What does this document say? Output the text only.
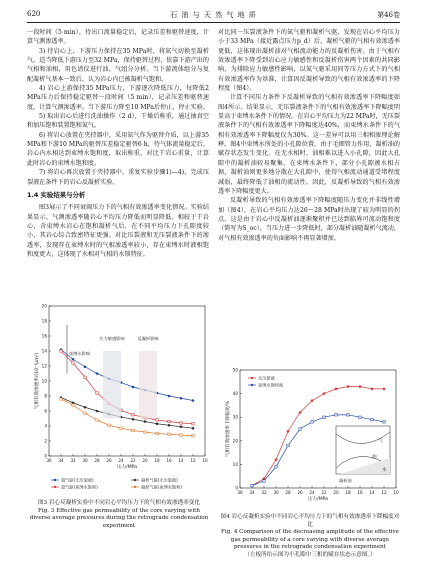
620	石 油 与 天 然 气 地 质	第46卷

一段时间（5 min），待出口流量稳定后，记录压差和驱替速度，计算气测渗透率。

3) 待岩心上、下游压力保持在35 MPa时，将氮气切换至凝析气。适当降低下游压力至32 MPa，保持驱替过程，依靠下游产出的气相和油相，用色谱仪进行油、气组分分析。当下游流体组分与复配凝析气基本一致后，认为岩心内已被凝析气饱和。

4) 岩心上游保持35 MPa压力，下游逐次降低压力，每降低2 MPa压力后保持稳定驱替一段时间（5 min），记录压差和驱替速度，计算气测渗透率。当下游压力降至10 MPa后停止，停止实验。

5) 取出岩心后进行洗油操作（2 d），干燥后称重，通过抽真空和加压饱和装置饱和氮气。

6) 将岩心放置在夹持器中，采用氮气作为驱替介质，以上游35 MPa和下游10 MPa的驱替压差稳定驱替6 h，待气体流量稳定后，岩心内水相达到束缚水饱和度，取出称重，对比干岩心重量，计算此时岩心的束缚水饱和度。

7) 将岩心再次放置于夹持器中，重复实验步骤1)—4)，完成压裂液在条件下的岩心反凝析实验。

1.4 实验结果与分析

图3展示了不同衰竭压力下的气相有效渗透率变化情况。实验结果显示，气测渗透率随岩心平均压力降低而明显降低。相较于干岩心，含束缚水岩心在饱和凝析气后，在不同平均压力下孔隙度较小，其岩心综合致密特征更强。对比压裂液和无压裂液条件下的渗透率，发现存在束缚水时的气相渗透率较小，存在束缚水时液相饱和度更大，这体现了水相对气相的水锁特征。

对比同一压裂液条件下的氮气驱和凝析气驱，发现在岩心平均压力小于33 MPa（接近露点压力p_d）后，凝析气驱的气相有效渗透率更低，这体现出凝析油对气相流动能力的反凝析伤害。由于气相有效渗透率下降受到岩心应力敏感性和反凝析伤害两个因素的共同影响，为排除应力敏感性影响，以氮气驱采用同等压力方式下的气相有效渗透率作为基准，计算因反凝析导致的气相有效渗透率的下降程度（图4）。

计算不同压力条件下反凝析导致的气相有效渗透率下降幅度如图4所示。结果显示，无压裂液条件下的气相有效渗透率下降幅度明显高于束缚水条件下的情况。在岩心平均压力为22 MPa时，无压裂液条件下的气相有效渗透率下降幅度达40%，而束缚水条件下的气相有效渗透率下降幅度仅为30%。这一差异可以用三相相渗理论解释。图4中束缚水所处的小孔隙位置，由于毛细管力作用，凝析油的赋存状态发生变化。在无水相时，油相难以进入小孔隙，因此大孔隙中的凝析油较易聚集，在束缚水条件下，部分小孔隙被水相占据，凝析油则更多地分散在大孔隙中，使得气相流动通道受堵程度减弱，最终降低了油相的流动性。因此，反凝析导致的气相有效渗透率下降幅度更大。

反凝析导致的气相有效渗透率下降幅度随压力变化并非线性增加（图4），在岩心平均压力达26～28 MPa时出现了较为明显的拐点。这是由于岩心中反凝析油逐渐聚积并已达到临界可流动饱和度（简写为S_oc），当压力进一步降低时，部分凝析油随凝析气流动，对气相有效渗透率的负面影响不再显著增加。

36 34 32 30 28 26 24 22 20 18 16 14 12 10
0
2
4
6
8
10
12
14
16
18
20
压力/MPa
气相有效渗透率/(10⁻³μm²)	束缚水影响
应力敏感影响	反凝析影响
氮气驱(无压裂液)	凝析气驱(无压裂液)
氮气驱(束缚水饱和)	凝析气驱(束缚水饱和)
图3 岩心反凝析实验中不同岩心平均压力下的气相有效渗透率变化
Fig. 3 Effective gas permeability of the core varying with diverse average pressures during the retrograde condensation experiment
36 34 32 30 28 26 24 22 20 18 16 14 12 10
0
10
20
30
40
50
压力/MPa
气相有效渗透率下降幅度/%
无压裂液
束缚水饱和液
气
油
水
凝析油
图4 岩心反凝析实验中不同岩心平均压力下的气相有效渗透率下降幅度对比
Fig. 4 Comparison of the decreasing amplitude of the effective gas permeability of a core varying with diverse average pressures in the retrograde condensation experiment
（左板所给示图为小孔隙中三相的赋存状态示意图。）
